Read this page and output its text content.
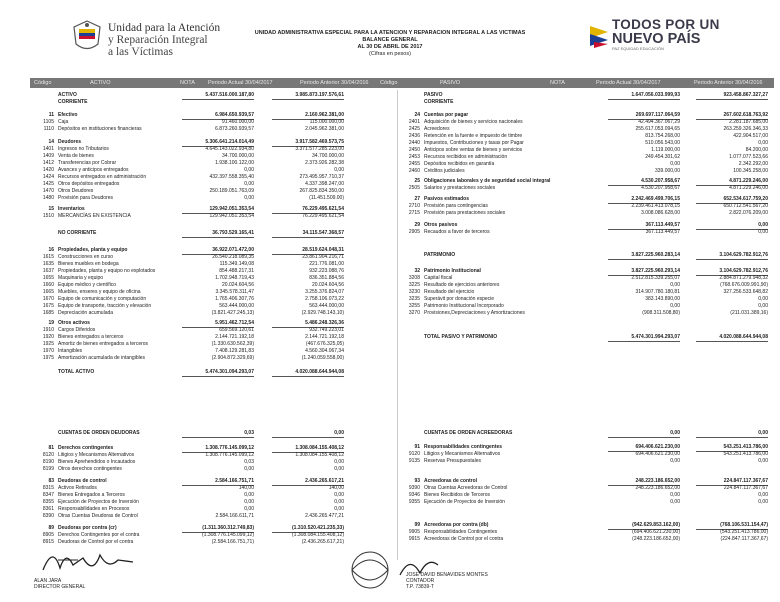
Unidad para la Atención
y Reparación Integral
a las Víctimas
UNIDAD ADMINISTRATIVA ESPECIAL PARA LA ATENCION Y REPARACION INTEGRAL A LAS VICTIMAS
BALANCE GENERAL
AL 30 DE ABRIL DE 2017
(Cifras en pesos)
TODOS POR UN
NUEVO PAÍS
PAZ EQUIDAD EDUCACIÓN
Código	ACTIVO	NOTA Periodo Actual 30/04/2017	Periodo Anterior 30/04/2016 Código	PASIVO	NOTA	Periodo Actual 30/04/2017	Periodo Anterior 30/04/2016
ACTIVO	5.437.516.000.187,80	3.985.873.197.576,61
CORRIENTE
11 Efectivo	6.984.650.939,57	2.160.962.381,00
1105 Caja	91.460.000,00	115.000.000,00
1110 Depósitos en instituciones financieras	6.873.260.939,57	2.045.962.381,00
14 Deudores	5.306.641.214.014,49	3.917.582.469.573,75
1401 Ingresos no Tributarios	4.645.143.022.934,80	3.371.577.285.223,00
1409 Venta de bienes	34.700.000,00	34.700.000,00
1412 Transferencias por Cobrar	1.938.100.122,00	2.373.926.282,38
1420 Avances y anticipos entregados	0,00	0,00
1424 Recursos entregados en administración	432.397.558.355,40	273.495.957.710,37
1425 Otros depósitos entregados	0,00	4.337.398.247,00
1470 Otros Deudores	250.189.051.763,09	267.825.834.350,00
1480 Provisión para Deudores	0,00	(11.451.509.00)
15 Inventarios	129.942.051.353,54	76.229.495.621,54
1510 MERCANCÍAS EN EXISTENCIA	129.942.051.353,54	76.229.495.621,54
NO CORRIENTE	36.793.529.165,41	34.115.547.368,57
16 Propiedades, planta y equipo	36.922.071.472,00	28.519.624.048,31
1615 Construcciones en curso	26.540.218.089,35	23.861.904.216,71
1635 Bienes muebles en bodega	115.349.149,08	221.776.081,00
1637 Propiedades, planta y equipo no explotados	854.488.217,31	932.223.088,76
1655 Maquinaria y equipo	1.702.948.719,43	836.351.884,56
1660 Equipo médico y científico	20.024.604,56	20.024.604,56
1665 Muebles, enseres y equipo de oficina	3.345.578.311,47	3.255.376.824,07
1670 Equipo de comunicación y computación	1.765.406.307,76	2.758.106.073,22
1675 Equipo de transporte, tracción y elevación	563.444.000,00	563.444.000,00
1685 Depreciación acumulada	(3.821.427.245,13)	(2.929.748.143,10)
19 Otros activos	5.951.462.712,54	5.486.248.326,36
1910 Cargos Diferidos	659.569.120,61	932.749.223,01
1920 Bienes entregados a terceros	2.144.721.192,18	2.144.721.192,18
1925 Amortiz de bienes entregados a terceros	(1.330.630.562,39)	(467.676.325,05)
1970 Intangibles	7.408.129.281,83	4.560.304.067,34
1975 Amortización acumulada de intangibles	(2.904.872.329,69)	(1.240.059.558,00)
TOTAL ACTIVO	5.474.301.094.293,07	4.020.088.644.944,08
CUENTAS DE ORDEN DEUDORAS	0,03	0,00
81 Derechos contingentes	1.308.776.145.099,12	1.308.084.155.408,12
8120 Litigios y Mecanismos Alternativos	1.308.776.145.099,12	1.308.084.155.408,12
8190 Bienes Aprehendidos o Incautados	0,03	0,00
8199 Otros derechos contingentes	0,00	0,00
83 Deudoras de control	2.584.166.751,71	2.436.265.617,21
8315 Activos Retirados	140,00	140,00
8347 Bienes Entregados a Terceros	0,00	0,00
8355 Ejecución de Proyectos de Inversión	0,00	0,00
8361 Responsabilidades en Procesos	0,00	0,00
8390 Otras Cuentas Deudoras de Control	2.584.166.611,71	2.436.265.477,21
89 Deudoras por contra (cr)	(1.311.360.312.749,83)	(1.310.520.421.235,33)
8905 Derechos Contingentes por el contra	(1.308.776.145.099,12)	(1.308.084.155.408,12)
8915 Deudoras de Control por el contra	(2.584.166.751,71)	(2.436.265.617,21)
PASIVO	1.647.056.033.999,93	923.458.867.327,27
CORRIENTE
24 Cuentas por pagar	269.697.117.064,59	267.602.618.763,92
2401 Adquisición de bienes y servicios nacionales	42.494.367.067,29	2.281.187.685,00
2425 Acreedores	255.617.053.094,65	263.259.326.346,33
2436 Retención en la fuente e impuesto de timbre	813.754.268,00	422.904.517,00
2440 Impuestos, Contribuciones y tasas por Pagar	510.056.543,00	0,00
2450 Anticipos sobre ventas de bienes y servicios	1.119.000,00	84.200,00
2453 Recursos recibidos en administración	249.454.301,62	1.077.077.523,66
2455 Depósitos recibidos en garantía	0,00	2.342.292,00
2460 Créditos judiciales	339.000,00	100.345.258,00
25 Obligaciones laborales y de seguridad social integral	4.530.207.958,67	4.871.229.246,00
2505 Salarios y prestaciones sociales	4.530.207.958,67	4.871.229.246,00
27 Pasivos estimados	2.242.469.499.706,15	652.534.617.759,20
2710 Provisión para contingencias	2.239.461.413.078,15	650.712.541.567,20
2715 Provisión para prestaciones sociales	3.008.086.628,00	2.822.076.209,00
29 Otros pasivos	367.113.449,57	0,00
2905 Recaudos a favor de terceros	367.113.449,57	0,00
PATRIMONIO	3.827.225.960.283,14	3.104.629.782.912,76
32 Patrimonio Institucional	3.827.225.960.293,14	3.104.629.782.912,76
3208 Capital fiscal	2.512.815.339.255,07	2.884.871.279.948,32
3225 Resultado de ejercicios anteriores	0,00	(768.676.009.991,90)
3230 Resultado del ejercicio	314.907.780.180,81	327.256.533.648,82
3235 Superávit por donación especie	383.143.890,00	0,00
3255 Patrimonio Institucional Incorporado	0,00	0,00
3270 Provisiones,Depreciaciones y Amortizaciones	(908.311.508,80)	(211.031.389,16)
TOTAL PASIVO Y PATRIMONIO	5.474.301.994.293,07	4.020.088.644.944,08
CUENTAS DE ORDEN ACREEDORAS	0,00	0,00
91 Responsabilidades contingentes	694.406.621.230,00	543.251.413.786,00
9120 Litigios y Mecanismos Alternativos	694.406.621.230,00	543.251.413.786,00
9135 Reservas Presupuestales	0,00	0,00
93 Acreedoras de control	248.223.186.652,00	224.847.117.367,67
9390 Otras Cuentas Acreedoras de Control	248.223.186.652,00	224.847.117.367,67
9346 Bienes Recibidos de Terceros	0,00	0,00
9355 Ejecución de Proyectos de Inversión	0,00	0,00
99 Acreedoras por contra (db)	(942.629.853.162,00)	(768.106.531.154,47)
9905 Responsabilidades Contingentes	(694.406.621.230,00)	(543.251.413.786,00)
9915 Acreedoras de Control por el contra	(248.223.186.652,00)	(224.847.117.367,67)
ALAN JARA
DIRECTOR GENERAL
JOSE DAVID BENAVIDES MONTES
CONTADOR
T.P. 73839-T
